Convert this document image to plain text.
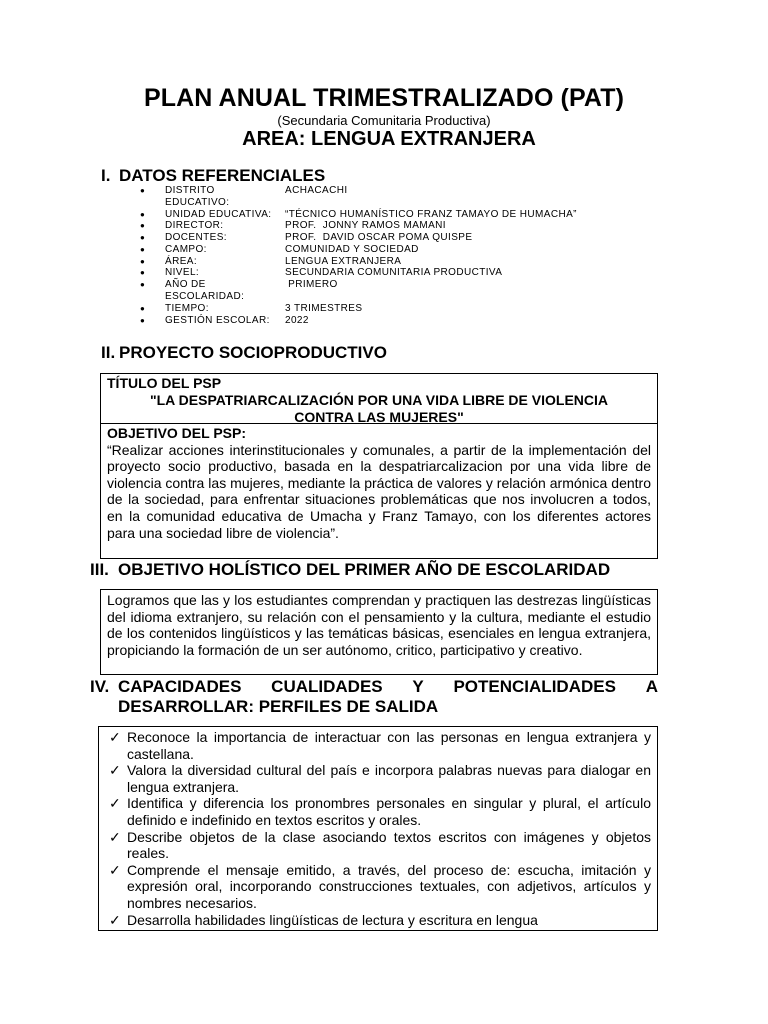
PLAN ANUAL TRIMESTRALIZADO (PAT)
(Secundaria Comunitaria Productiva)
AREA: LENGUA EXTRANJERA
I. DATOS REFERENCIALES
● DISTRITO EDUCATIVO:
ACHACACHI
● UNIDAD EDUCATIVA:	“TÉCNICO HUMANÍSTICO FRANZ TAMAYO DE HUMACHA”
● DIRECTOR:	PROF.  JONNY RAMOS MAMANI
● DOCENTES:	PROF.  DAVID OSCAR POMA QUISPE
● CAMPO:	COMUNIDAD Y SOCIEDAD
● ÁREA:	LENGUA EXTRANJERA
● NIVEL:	SECUNDARIA COMUNITARIA PRODUCTIVA
● AÑO DE ESCOLARIDAD:
PRIMERO
● TIEMPO:	3 TRIMESTRES
● GESTIÓN ESCOLAR:	2022
II. PROYECTO SOCIOPRODUCTIVO
TÍTULO DEL PSP
"LA DESPATRIARCALIZACIÓN POR UNA VIDA LIBRE DE VIOLENCIA
CONTRA LAS MUJERES"
OBJETIVO DEL PSP:
“Realizar acciones interinstitucionales y comunales, a partir de la implementación del proyecto socio productivo, basada en la despatriarcalizacion por una vida libre de violencia contra las mujeres, mediante la práctica de valores y relación armónica dentro de la sociedad, para enfrentar situaciones problemáticas que nos involucren a todos, en la comunidad educativa de Umacha y Franz Tamayo, con los diferentes actores para una sociedad libre de violencia”.
III. OBJETIVO HOLÍSTICO DEL PRIMER AÑO DE ESCOLARIDAD
Logramos que las y los estudiantes comprendan y practiquen las destrezas lingüísticas del idioma extranjero, su relación con el pensamiento y la cultura, mediante el estudio de los contenidos lingüísticos y las temáticas básicas, esenciales en lengua extranjera, propiciando la formación de un ser autónomo, critico, participativo y creativo.
IV. CAPACIDADES CUALIDADES Y POTENCIALIDADES A
DESARROLLAR: PERFILES DE SALIDA
✓ Reconoce la importancia de interactuar con las personas en lengua extranjera y castellana.
✓ Valora la diversidad cultural del país e incorpora palabras nuevas para dialogar en lengua extranjera.
✓ Identifica y diferencia los pronombres personales en singular y plural, el artículo definido e indefinido en textos escritos y orales.
✓ Describe objetos de la clase asociando textos escritos con imágenes y objetos reales.
✓ Comprende el mensaje emitido, a través, del proceso de: escucha, imitación y expresión oral, incorporando construcciones textuales, con adjetivos, artículos y nombres necesarios.
✓ Desarrolla habilidades lingüísticas de lectura y escritura en lengua
